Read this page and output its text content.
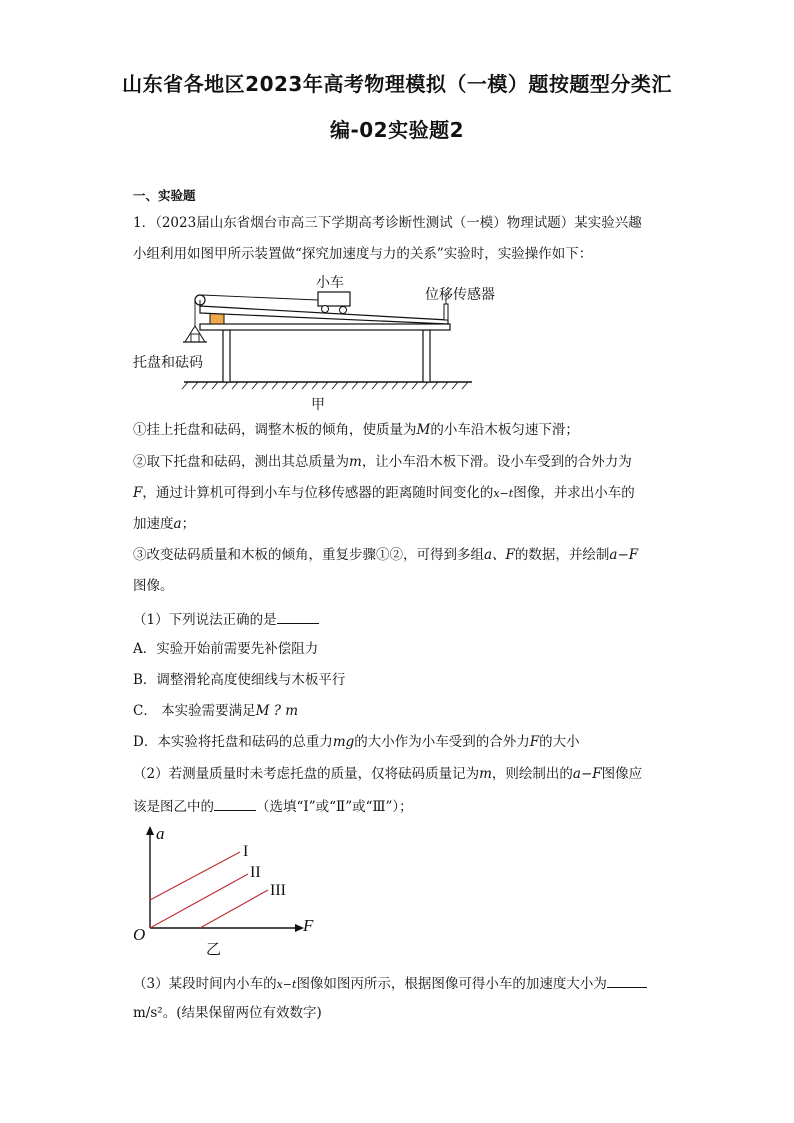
山东省各地区2023年高考物理模拟（一模）题按题型分类汇
编-02实验题2
一、实验题
1．（2023届山东省烟台市高三下学期高考诊断性测试（一模）物理试题）某实验兴趣
小组利用如图甲所示装置做“探究加速度与力的关系”实验时，实验操作如下：
小车
位移传感器
托盘和砝码
甲
①挂上托盘和砝码，调整木板的倾角，使质量为M的小车沿木板匀速下滑；
②取下托盘和砝码，测出其总质量为m，让小车沿木板下滑。设小车受到的合外力为
F，通过计算机可得到小车与位移传感器的距离随时间变化的x−t图像，并求出小车的
加速度a；
③改变砝码质量和木板的倾角，重复步骤①②，可得到多组a、F的数据，并绘制a−F
图像。
（1）下列说法正确的是
A．实验开始前需要先补偿阻力
B．调整滑轮高度使细线与木板平行
C． 本实验需要满足M ? m
D．本实验将托盘和砝码的总重力mg的大小作为小车受到的合外力F的大小
（2）若测量质量时未考虑托盘的质量，仅将砝码质量记为m，则绘制出的a−F图像应
该是图乙中的	（选填“Ⅰ”或“Ⅱ”或“Ⅲ”）；
a
I
II
III
O	F
乙
（3）某段时间内小车的x−t图像如图丙所示，根据图像可得小车的加速度大小为
m/s²。(结果保留两位有效数字)
